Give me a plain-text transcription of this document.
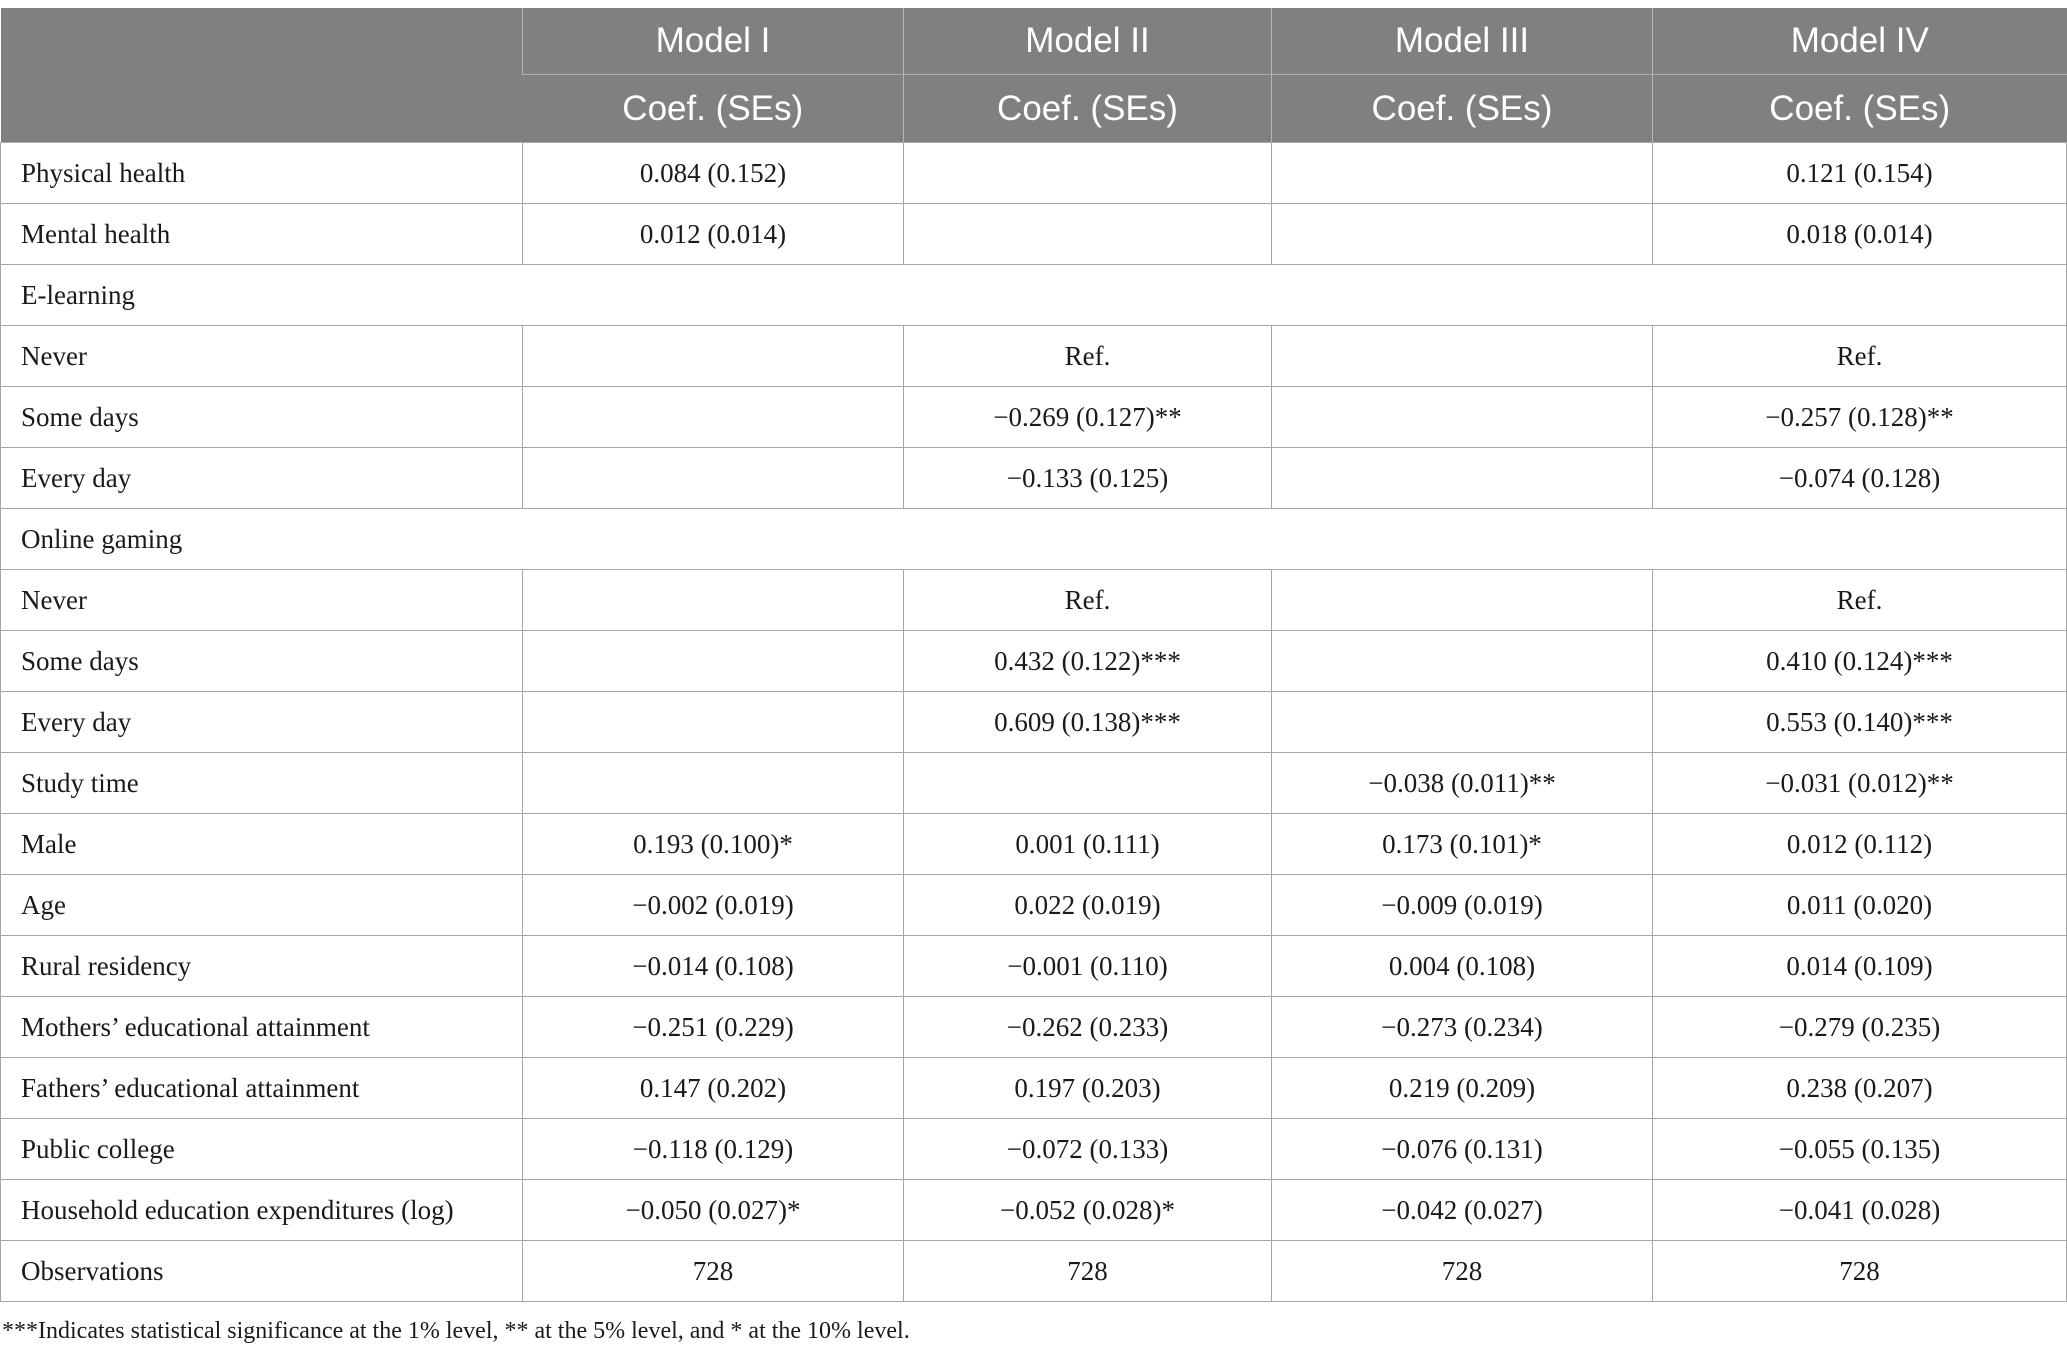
	Model I	Model II	Model III	Model IV
	Coef. (SEs)	Coef. (SEs)	Coef. (SEs)	Coef. (SEs)
Physical health	0.084 (0.152)			0.121 (0.154)
Mental health	0.012 (0.014)			0.018 (0.014)
E-learning				
Never		Ref.		Ref.
Some days		−0.269 (0.127)**		−0.257 (0.128)**
Every day		−0.133 (0.125)		−0.074 (0.128)
Online gaming				
Never		Ref.		Ref.
Some days		0.432 (0.122)***		0.410 (0.124)***
Every day		0.609 (0.138)***		0.553 (0.140)***
Study time			−0.038 (0.011)**	−0.031 (0.012)**
Male	0.193 (0.100)*	0.001 (0.111)	0.173 (0.101)*	0.012 (0.112)
Age	−0.002 (0.019)	0.022 (0.019)	−0.009 (0.019)	0.011 (0.020)
Rural residency	−0.014 (0.108)	−0.001 (0.110)	0.004 (0.108)	0.014 (0.109)
Mothers’ educational attainment	−0.251 (0.229)	−0.262 (0.233)	−0.273 (0.234)	−0.279 (0.235)
Fathers’ educational attainment	0.147 (0.202)	0.197 (0.203)	0.219 (0.209)	0.238 (0.207)
Public college	−0.118 (0.129)	−0.072 (0.133)	−0.076 (0.131)	−0.055 (0.135)
Household education expenditures (log)	−0.050 (0.027)*	−0.052 (0.028)*	−0.042 (0.027)	−0.041 (0.028)
Observations	728	728	728	728
***Indicates statistical significance at the 1% level, ** at the 5% level, and * at the 10% level.
